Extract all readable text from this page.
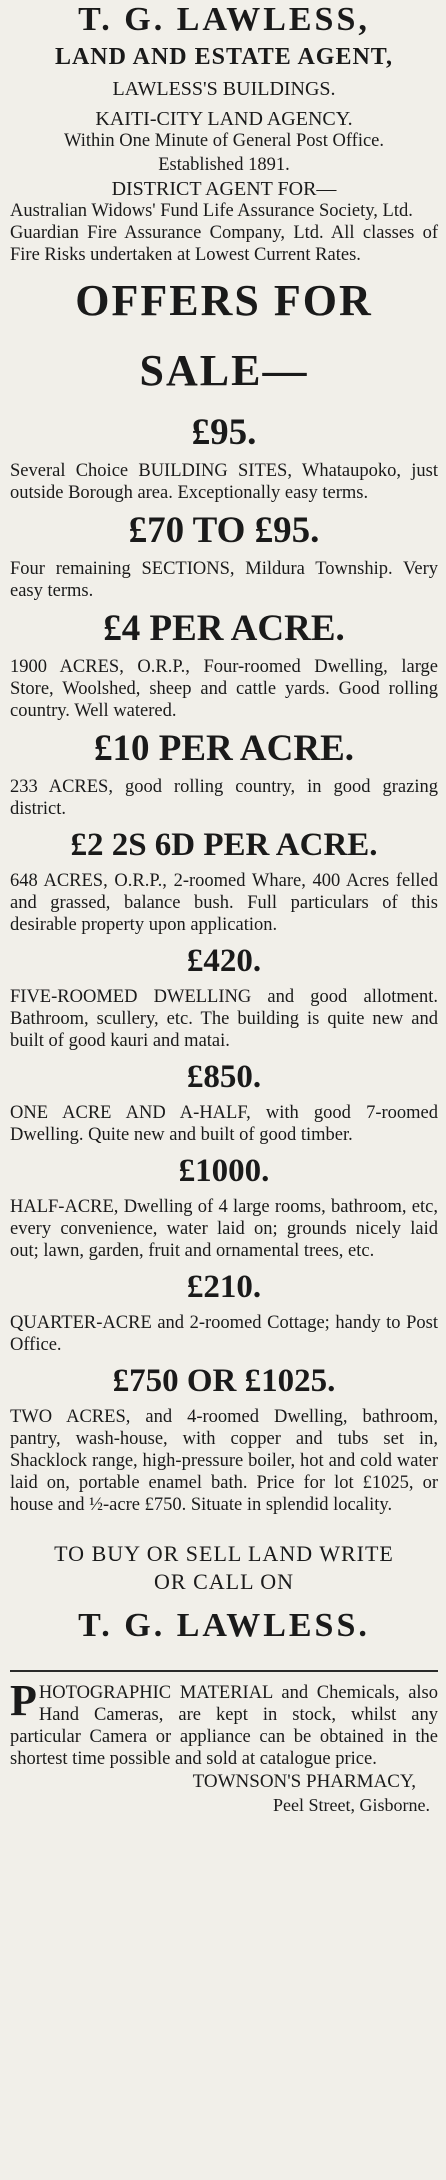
T. G. LAWLESS,

LAND AND ESTATE AGENT,

LAWLESS'S BUILDINGS.

KAITI-CITY LAND AGENCY.

Within One Minute of General Post Office.

Established 1891.

DISTRICT AGENT FOR—

Australian Widows' Fund Life Assurance Society, Ltd.

Guardian Fire Assurance Company, Ltd. All classes of Fire Risks undertaken at Lowest Current Rates.

OFFERS FOR SALE—

£95.

Several Choice BUILDING SITES, Whataupoko, just outside Borough area. Exceptionally easy terms.

£70 TO £95.

Four remaining SECTIONS, Mildura Township. Very easy terms.

£4 PER ACRE.

1900 ACRES, O.R.P., Four-roomed Dwelling, large Store, Woolshed, sheep and cattle yards. Good rolling country. Well watered.

£10 PER ACRE.

233 ACRES, good rolling country, in good grazing district.

£2 2S 6D PER ACRE.

648 ACRES, O.R.P., 2-roomed Whare, 400 Acres felled and grassed, balance bush. Full particulars of this desirable property upon application.

£420.

FIVE-ROOMED DWELLING and good allotment. Bathroom, scullery, etc. The building is quite new and built of good kauri and matai.

£850.

ONE ACRE AND A-HALF, with good 7-roomed Dwelling. Quite new and built of good timber.

£1000.

HALF-ACRE, Dwelling of 4 large rooms, bathroom, etc, every convenience, water laid on; grounds nicely laid out; lawn, garden, fruit and ornamental trees, etc.

£210.

QUARTER-ACRE and 2-roomed Cottage; handy to Post Office.

£750 OR £1025.

TWO ACRES, and 4-roomed Dwelling, bathroom, pantry, wash-house, with copper and tubs set in, Shacklock range, high-pressure boiler, hot and cold water laid on, portable enamel bath. Price for lot £1025, or house and ½-acre £750. Situate in splendid locality.

TO BUY OR SELL LAND WRITE

OR CALL ON

T. G. LAWLESS.

PHOTOGRAPHIC MATERIAL and Chemicals, also Hand Cameras, are kept in stock, whilst any particular Camera or appliance can be obtained in the shortest time possible and sold at catalogue price.

TOWNSON'S PHARMACY,

Peel Street, Gisborne.
